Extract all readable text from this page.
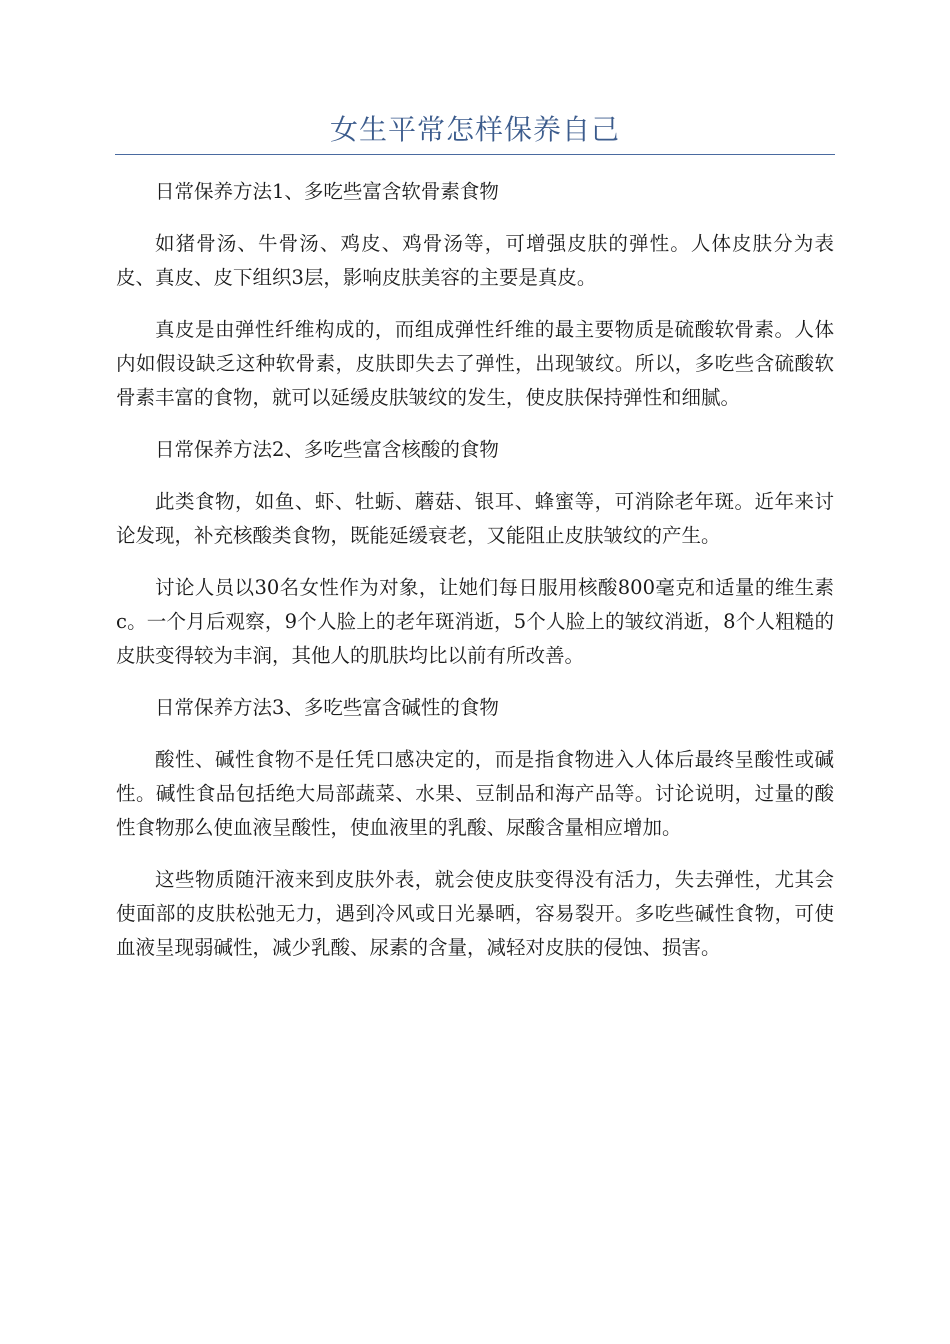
女生平常怎样保养自己

日常保养方法1、多吃些富含软骨素食物

如猪骨汤、牛骨汤、鸡皮、鸡骨汤等，可增强皮肤的弹性。人体皮肤分为表皮、真皮、皮下组织3层，影响皮肤美容的主要是真皮。

真皮是由弹性纤维构成的，而组成弹性纤维的最主要物质是硫酸软骨素。人体内如假设缺乏这种软骨素，皮肤即失去了弹性，出现皱纹。所以，多吃些含硫酸软骨素丰富的食物，就可以延缓皮肤皱纹的发生，使皮肤保持弹性和细腻。

日常保养方法2、多吃些富含核酸的食物

此类食物，如鱼、虾、牡蛎、蘑菇、银耳、蜂蜜等，可消除老年斑。近年来讨论发现，补充核酸类食物，既能延缓衰老，又能阻止皮肤皱纹的产生。

讨论人员以30名女性作为对象，让她们每日服用核酸800毫克和适量的维生素c。一个月后观察，9个人脸上的老年斑消逝，5个人脸上的皱纹消逝，8个人粗糙的皮肤变得较为丰润，其他人的肌肤均比以前有所改善。

日常保养方法3、多吃些富含碱性的食物

酸性、碱性食物不是任凭口感决定的，而是指食物进入人体后最终呈酸性或碱性。碱性食品包括绝大局部蔬菜、水果、豆制品和海产品等。讨论说明，过量的酸性食物那么使血液呈酸性，使血液里的乳酸、尿酸含量相应增加。

这些物质随汗液来到皮肤外表，就会使皮肤变得没有活力，失去弹性，尤其会使面部的皮肤松弛无力，遇到冷风或日光暴晒，容易裂开。多吃些碱性食物，可使血液呈现弱碱性，减少乳酸、尿素的含量，减轻对皮肤的侵蚀、损害。
